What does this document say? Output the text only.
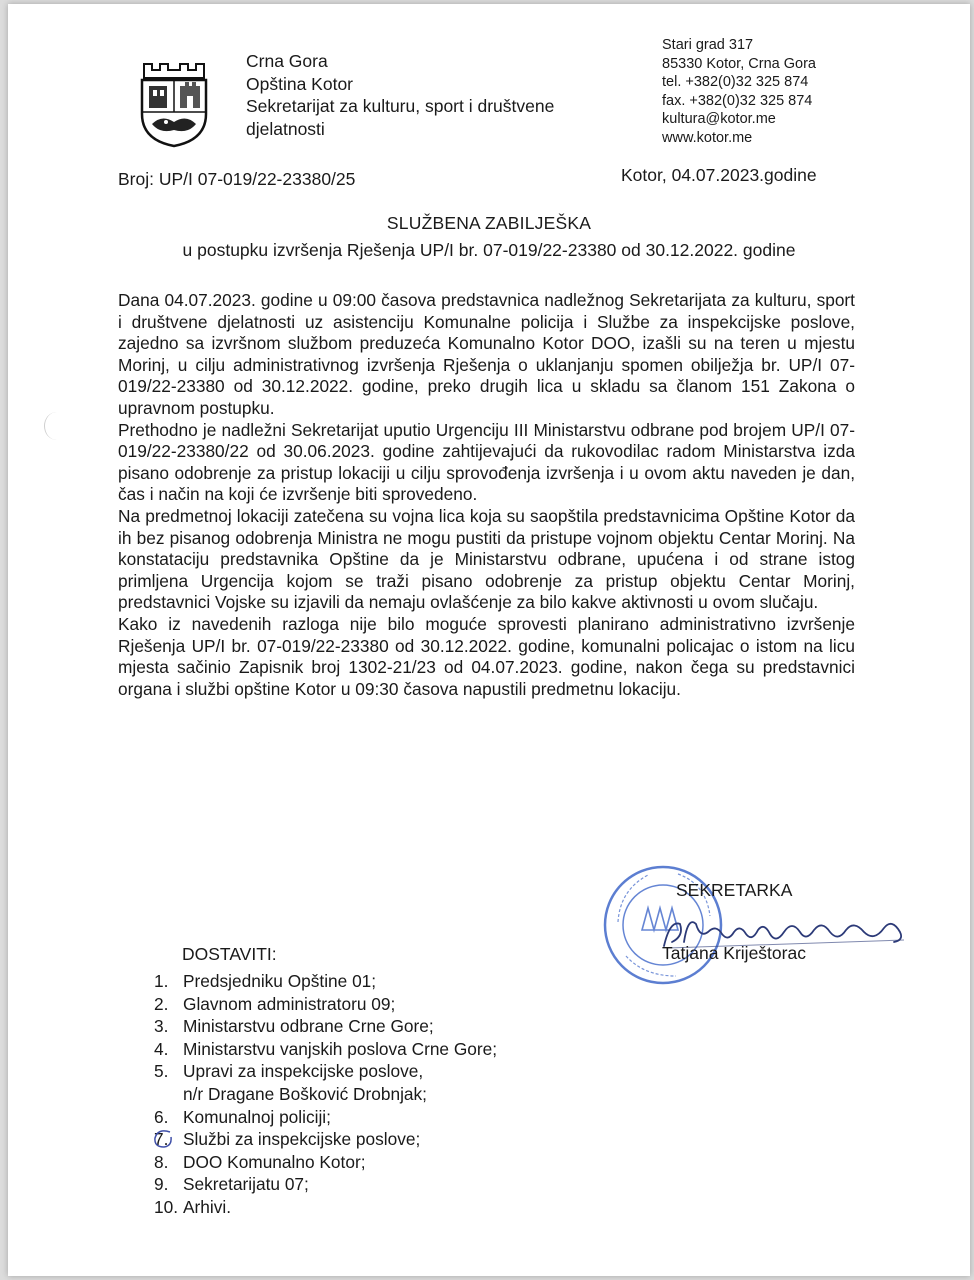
Crna Gora
Opština Kotor
Sekretarijat za kulturu, sport i društvene
djelatnosti
Stari grad 317
85330 Kotor, Crna Gora
tel. +382(0)32 325 874
fax. +382(0)32 325 874
kultura@kotor.me
www.kotor.me
Broj: UP/I 07-019/22-23380/25	Kotor, 04.07.2023.godine
SLUŽBENA ZABILJEŠKA
u postupku izvršenja Rješenja UP/I br. 07-019/22-23380 od 30.12.2022. godine

Dana 04.07.2023. godine u 09:00 časova predstavnica nadležnog Sekretarijata za kulturu, sport i društvene djelatnosti uz asistenciju Komunalne policija i Službe za inspekcijske poslove, zajedno sa izvršnom službom preduzeća Komunalno Kotor DOO, izašli su na teren u mjestu Morinj, u cilju administrativnog izvršenja Rješenja o uklanjanju spomen obilježja br. UP/I 07-019/22-23380 od 30.12.2022. godine, preko drugih lica u skladu sa članom 151 Zakona o upravnom postupku.

Prethodno je nadležni Sekretarijat uputio Urgenciju III Ministarstvu odbrane pod brojem UP/I 07-019/22-23380/22 od 30.06.2023. godine zahtijevajući da rukovodilac radom Ministarstva izda pisano odobrenje za pristup lokaciji u cilju sprovođenja izvršenja i u ovom aktu naveden je dan, čas i način na koji će izvršenje biti sprovedeno.

Na predmetnoj lokaciji zatečena su vojna lica koja su saopštila predstavnicima Opštine Kotor da ih bez pisanog odobrenja Ministra ne mogu pustiti da pristupe vojnom objektu Centar Morinj. Na konstataciju predstavnika Opštine da je Ministarstvu odbrane, upućena i od strane istog primljena Urgencija kojom se traži pisano odobrenje za pristup objektu Centar Morinj, predstavnici Vojske su izjavili da nemaju ovlašćenje za bilo kakve aktivnosti u ovom slučaju.

Kako iz navedenih razloga nije bilo moguće sprovesti planirano administrativno izvršenje Rješenja UP/I br. 07-019/22-23380 od 30.12.2022. godine, komunalni policajac o istom na licu mjesta sačinio Zapisnik broj 1302-21/23 od 04.07.2023. godine, nakon čega su predstavnici organa i službi opštine Kotor u 09:30 časova napustili predmetnu lokaciju.

SEKRETARKA
Tatjana Kriještorac
DOSTAVITI:
1. Predsjedniku Opštine 01;
2. Glavnom administratoru 09;
3. Ministarstvu odbrane Crne Gore;
4. Ministarstvu vanjskih poslova Crne Gore;
5. Upravi za inspekcijske poslove,
n/r Dragane Bošković Drobnjak;
6. Komunalnoj policiji;
7. Službi za inspekcijske poslove;
8. DOO Komunalno Kotor;
9. Sekretarijatu 07;
10. Arhivi.
